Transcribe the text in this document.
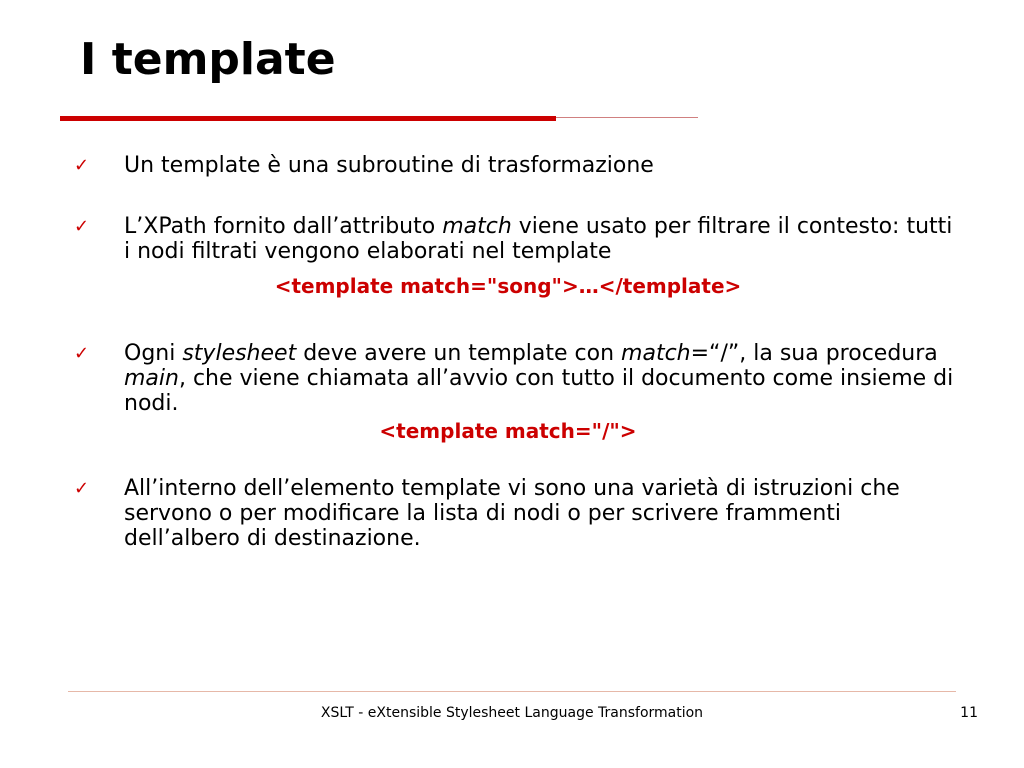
I template
✓ Un template è una subroutine di trasformazione
✓ L’XPath fornito dall’attributo match viene usato per filtrare il contesto: tutti i nodi filtrati vengono elaborati nel template
<template match="song">…</template>
✓ Ogni stylesheet deve avere un template con match=“/”, la sua procedura main, che viene chiamata all’avvio con tutto il documento come insieme di nodi.
<template match="/">
✓ All’interno dell’elemento template vi sono una varietà di istruzioni che servono o per modificare la lista di nodi o per scrivere frammenti dell’albero di destinazione.
XSLT - eXtensible Stylesheet Language Transformation	11
